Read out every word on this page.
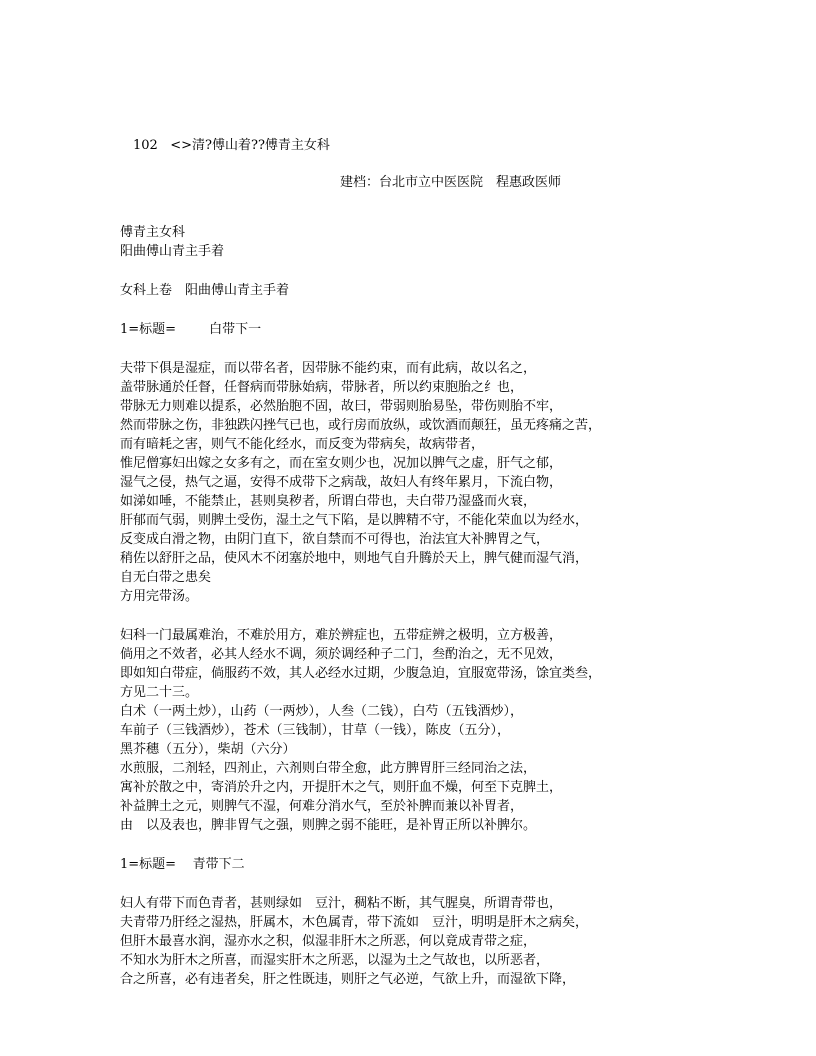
102 <>清?傅山着??傅青主女科
建档：台北市立中医医院　 程惠政医师
傅青主女科
阳曲傅山青主手着
女科上卷　阳曲傅山青主手着
1=标题=	白带下一
夫带下俱是湿症，而以带名者，因带脉不能约束，而有此病，故以名之，
盖带脉通於任督，任督病而带脉始病，带脉者，所以约束胞胎之纟也，
带脉无力则难以提系，必然胎胞不固，故曰，带弱则胎易坠，带伤则胎不牢，
然而带脉之伤，非独跌闪挫气已也，或行房而放纵，或饮酒而颠狂，虽无疼痛之苦，
而有暗耗之害，则气不能化经水，而反变为带病矣，故病带者，
惟尼僧寡妇出嫁之女多有之，而在室女则少也，况加以脾气之虚，肝气之郁，
湿气之侵，热气之逼，安得不成带下之病哉，故妇人有终年累月，下流白物，
如涕如唾，不能禁止，甚则臭秽者，所谓白带也，夫白带乃湿盛而火衰，
肝郁而气弱，则脾土受伤，湿土之气下陷，是以脾精不守，不能化荣血以为经水，
反变成白滑之物，由阴门直下，欲自禁而不可得也，治法宜大补脾胃之气，
稍佐以舒肝之品，使风木不闭塞於地中，则地气自升腾於天上，脾气健而湿气消，
自无白带之患矣
方用完带汤。
妇科一门最属难治，不难於用方，难於辨症也，五带症辨之极明，立方极善，
倘用之不效者，必其人经水不调，须於调经种子二门，叁酌治之，无不见效，
即如知白带症，倘服药不效，其人必经水过期，少腹急迫，宜服宽带汤，馀宜类叁，
方见二十三。
白术（一两土炒），山药（一两炒），人叁（二钱），白芍（五钱酒炒），
车前子（三钱酒炒），苍术（三钱制），甘草（一钱），陈皮（五分），
黑芥穗（五分），柴胡（六分）
水煎服，二剂轻，四剂止，六剂则白带全愈，此方脾胃肝三经同治之法，
寓补於散之中，寄消於升之内，开提肝木之气，则肝血不燥，何至下克脾土，
补益脾土之元，则脾气不湿，何难分消水气，至於补脾而兼以补胃者，
由　以及表也，脾非胃气之强，则脾之弱不能旺，是补胃正所以补脾尔。
1=标题= 青带下二
妇人有带下而色青者，甚则绿如　豆汁，稠粘不断，其气腥臭，所谓青带也，
夫青带乃肝经之湿热，肝属木，木色属青，带下流如　豆汁，明明是肝木之病矣，
但肝木最喜水润，湿亦水之积，似湿非肝木之所恶，何以竟成青带之症，
不知水为肝木之所喜，而湿实肝木之所恶，以湿为土之气故也，以所恶者，
合之所喜，必有违者矣，肝之性既违，则肝之气必逆，气欲上升，而湿欲下降，
